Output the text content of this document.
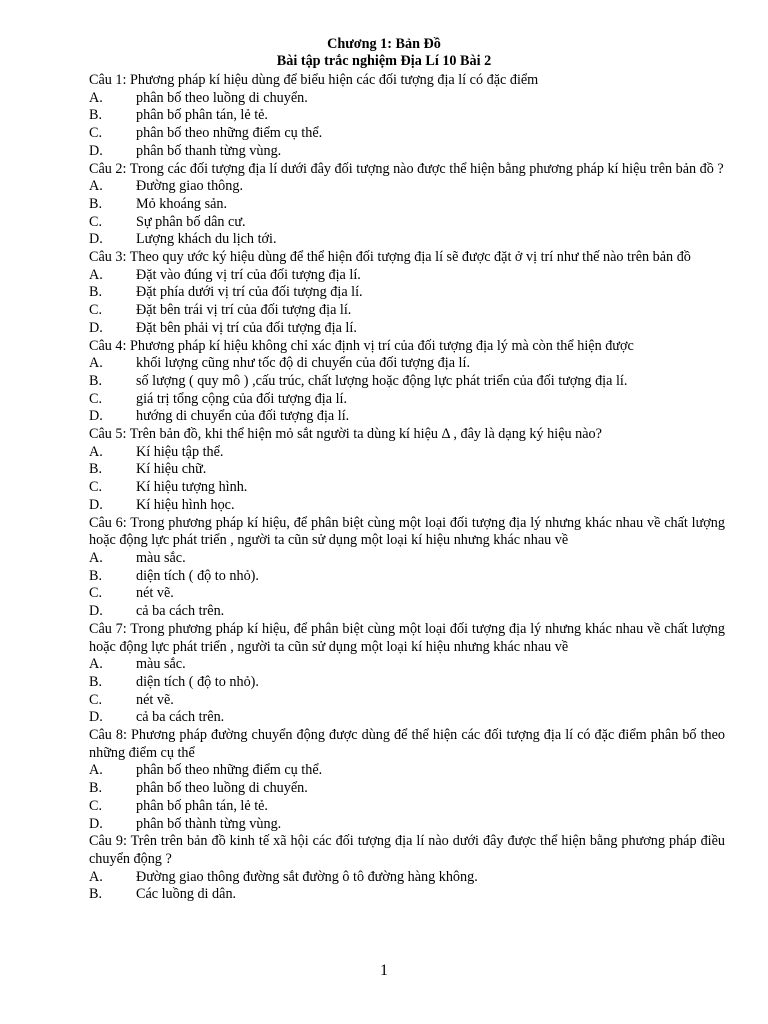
Chương 1: Bản Đồ
Bài tập trắc nghiệm Địa Lí 10 Bài 2

Câu 1: Phương pháp kí hiệu dùng để biểu hiện các đối tượng địa lí có đặc điểm

A.	phân bố theo luồng di chuyển.
B.	phân bố phân tán, lẻ tẻ.
C.	phân bố theo những điểm cụ thể.
D.	phân bố thanh từng vùng.

Câu 2: Trong các đối tượng địa lí dưới đây đối tượng nào được thể hiện bằng phương pháp kí hiệu trên bản đồ ?

A.	Đường giao thông.
B.	Mỏ khoáng sản.
C.	Sự phân bố dân cư.
D.	Lượng khách du lịch tới.

Câu 3: Theo quy ước ký hiệu dùng để thể hiện đối tượng địa lí sẽ được đặt ở vị trí như thế nào trên bản đồ

A.	Đặt vào đúng vị trí của đối tượng địa lí.
B.	Đặt phía dưới vị trí của đối tượng địa lí.
C.	Đặt bên trái vị trí của đối tượng địa lí.
D.	Đặt bên phải vị trí của đối tượng địa lí.

Câu 4: Phương pháp kí hiệu không chỉ xác định vị trí của đối tượng địa lý mà còn thể hiện được

A.	khối lượng cũng như tốc độ di chuyển của đối tượng địa lí.
B.	số lượng ( quy mô ) ,cấu trúc, chất lượng hoặc động lực phát triển của đối tượng địa lí.
C.	giá trị tổng cộng của đối tượng địa lí.
D.	hướng di chuyển của đối tượng địa lí.

Câu 5: Trên bản đồ, khi thể hiện mỏ sắt người ta dùng kí hiệu Δ , đây là dạng ký hiệu nào?

A.	Kí hiệu tập thể.
B.	Kí hiệu chữ.
C.	Kí hiệu tượng hình.
D.	Kí hiệu hình học.

Câu 6: Trong phương pháp kí hiệu, để phân biệt cùng một loại đối tượng địa lý nhưng khác nhau về chất lượng hoặc động lực phát triển , người ta cũn sử dụng một loại kí hiệu nhưng khác nhau về

A.	màu sắc.
B.	diện tích ( độ to nhỏ).
C.	nét vẽ.
D.	cả ba cách trên.

Câu 7: Trong phương pháp kí hiệu, để phân biệt cùng một loại đối tượng địa lý nhưng khác nhau về chất lượng hoặc động lực phát triển , người ta cũn sử dụng một loại kí hiệu nhưng khác nhau về

A.	màu sắc.
B.	diện tích ( độ to nhỏ).
C.	nét vẽ.
D.	cả ba cách trên.

Câu 8: Phương pháp đường chuyển động được dùng để thể hiện các đối tượng địa lí có đặc điểm phân bố theo những điểm cụ thể

A.	phân bố theo những điểm cụ thể.
B.	phân bố theo luồng di chuyển.
C.	phân bố phân tán, lẻ tẻ.
D.	phân bố thành từng vùng.

Câu 9: Trên trên bản đồ kinh tế xã hội các đối tượng địa lí nào dưới đây được thể hiện bằng phương pháp điều chuyển động ?

A.	Đường giao thông đường sắt đường ô tô đường hàng không.
B.	Các luồng di dân.
1
